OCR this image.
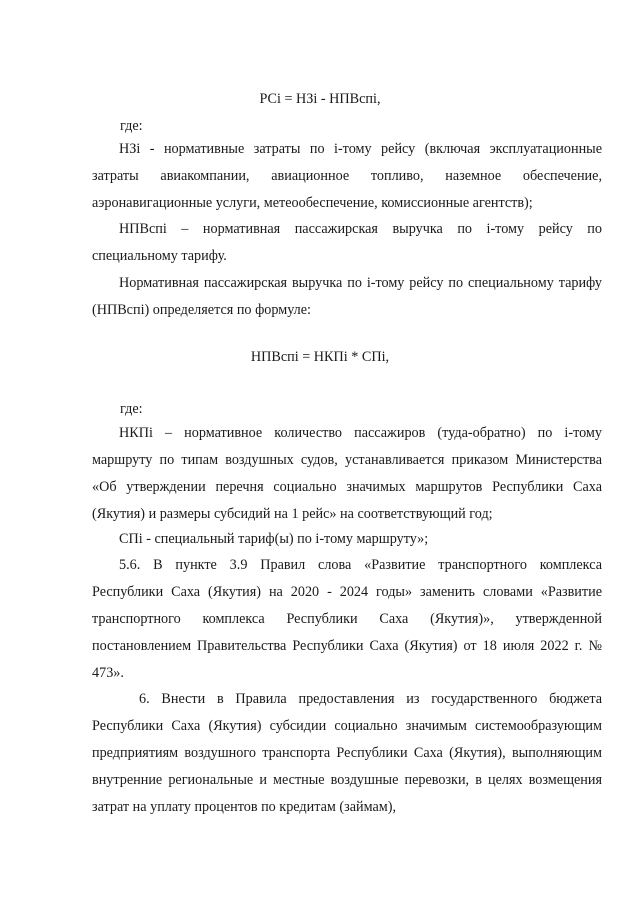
РСi = НЗi - НПВспi,
где:
НЗi - нормативные затраты по i-тому рейсу (включая эксплуатационные затраты авиакомпании, авиационное топливо, наземное обеспечение, аэронавигационные услуги, метеообеспечение, комиссионные агентств);
НПВспi – нормативная пассажирская выручка по i-тому рейсу по специальному тарифу.
Нормативная пассажирская выручка по i-тому рейсу по специальному тарифу (НПВспi) определяется по формуле:
НПВспi = НКПi * СПi,
где:
НКПi – нормативное количество пассажиров (туда-обратно) по i-тому маршруту по типам воздушных судов, устанавливается приказом Министерства «Об утверждении перечня социально значимых маршрутов Республики Саха (Якутия) и размеры субсидий на 1 рейс» на соответствующий год;
СПi - специальный тариф(ы) по i-тому маршруту»;
5.6. В пункте 3.9 Правил слова «Развитие транспортного комплекса Республики Саха (Якутия) на 2020 - 2024 годы» заменить словами «Развитие транспортного комплекса Республики Саха (Якутия)», утвержденной постановлением Правительства Республики Саха (Якутия) от 18 июля 2022 г. № 473».
6. Внести в Правила предоставления из государственного бюджета Республики Саха (Якутия) субсидии социально значимым системообразующим предприятиям воздушного транспорта Республики Саха (Якутия), выполняющим внутренние региональные и местные воздушные перевозки, в целях возмещения затрат на уплату процентов по кредитам (займам),
